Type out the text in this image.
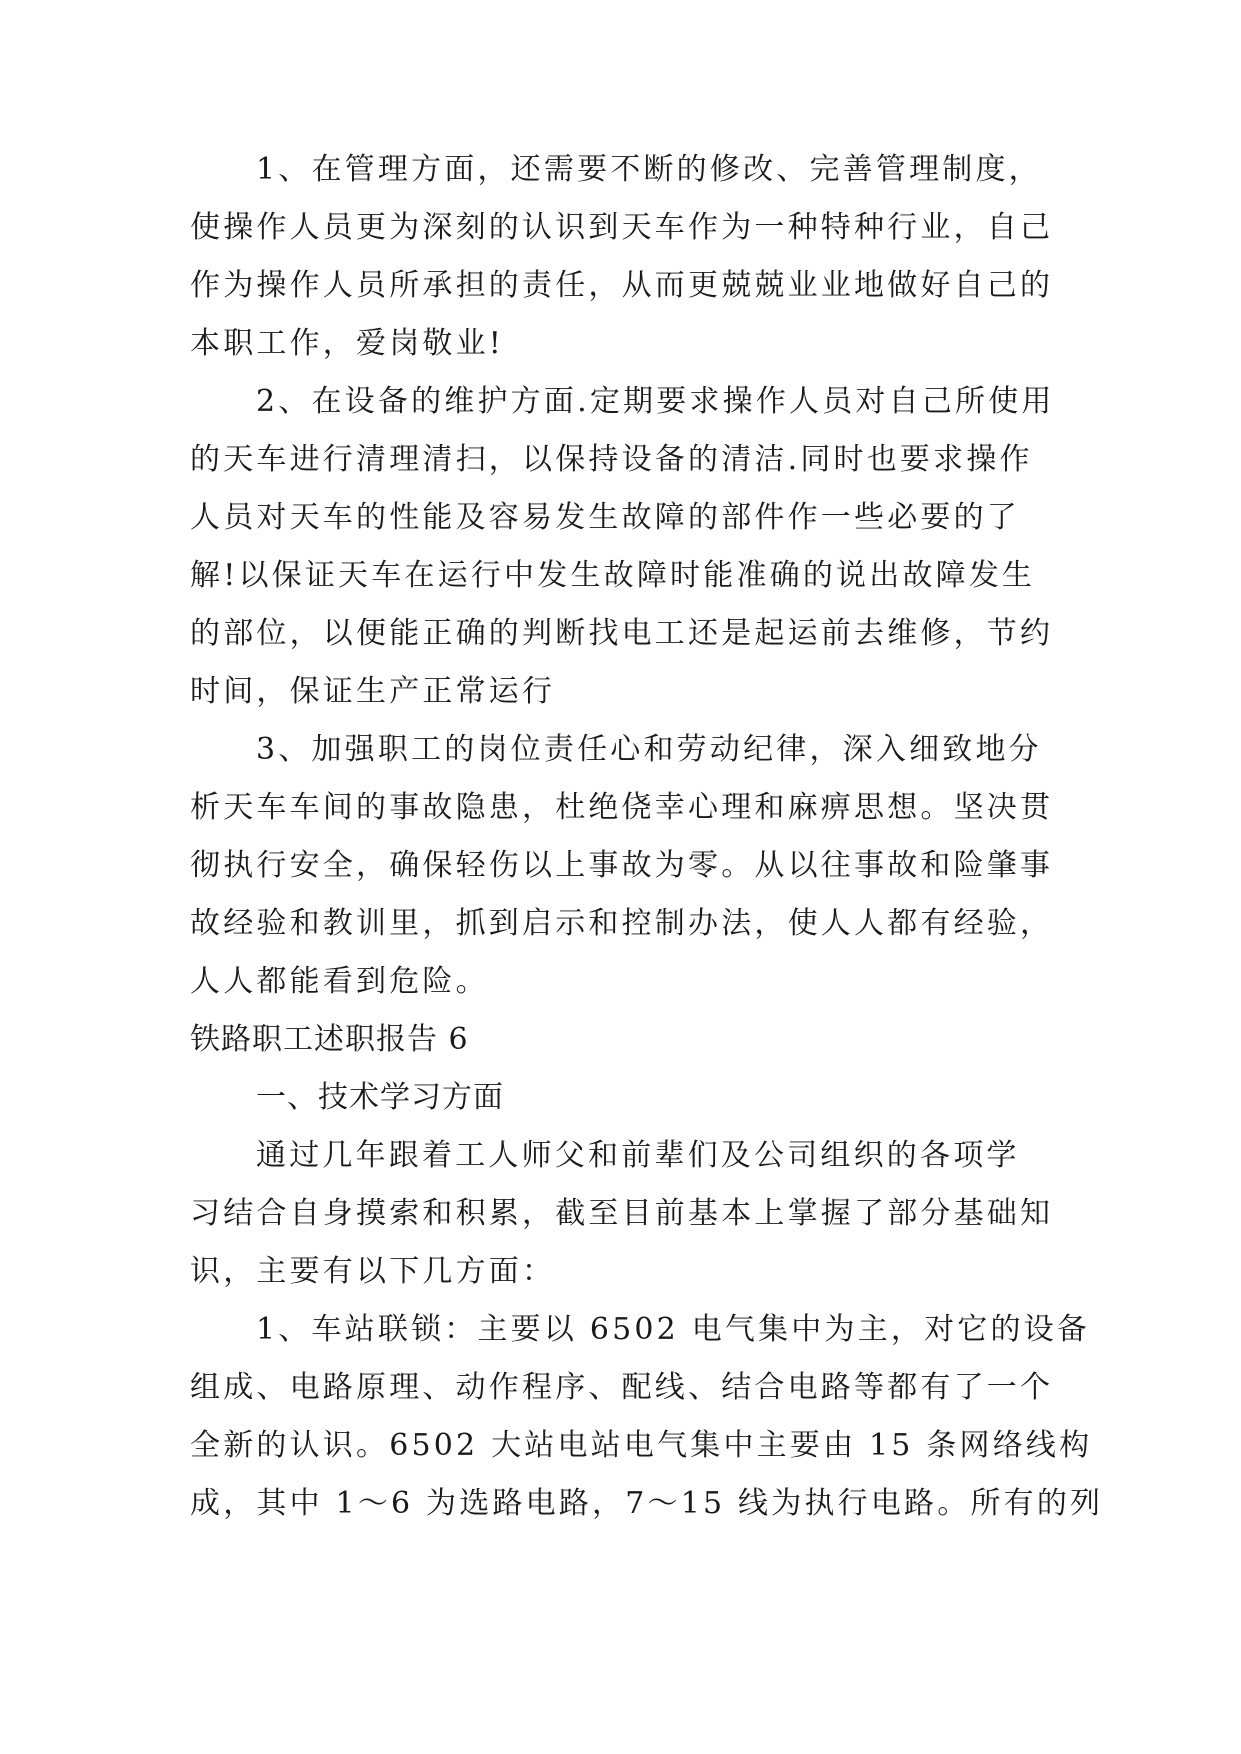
1、在管理方面，还需要不断的修改、完善管理制度，
使操作人员更为深刻的认识到天车作为一种特种行业，自己
作为操作人员所承担的责任，从而更兢兢业业地做好自己的
本职工作，爱岗敬业!
2、在设备的维护方面.定期要求操作人员对自己所使用
的天车进行清理清扫，以保持设备的清洁.同时也要求操作
人员对天车的性能及容易发生故障的部件作一些必要的了
解!以保证天车在运行中发生故障时能准确的说出故障发生
的部位，以便能正确的判断找电工还是起运前去维修，节约
时间，保证生产正常运行
3、加强职工的岗位责任心和劳动纪律，深入细致地分
析天车车间的事故隐患，杜绝侥幸心理和麻痹思想。坚决贯
彻执行安全，确保轻伤以上事故为零。从以往事故和险肇事
故经验和教训里，抓到启示和控制办法，使人人都有经验，
人人都能看到危险。
铁路职工述职报告 6
一、技术学习方面
通过几年跟着工人师父和前辈们及公司组织的各项学
习结合自身摸索和积累，截至目前基本上掌握了部分基础知
识，主要有以下几方面：
1、车站联锁：主要以 6502 电气集中为主，对它的设备
组成、电路原理、动作程序、配线、结合电路等都有了一个
全新的认识。6502 大站电站电气集中主要由 15 条网络线构
成，其中 1～6 为选路电路，7～15 线为执行电路。所有的列
